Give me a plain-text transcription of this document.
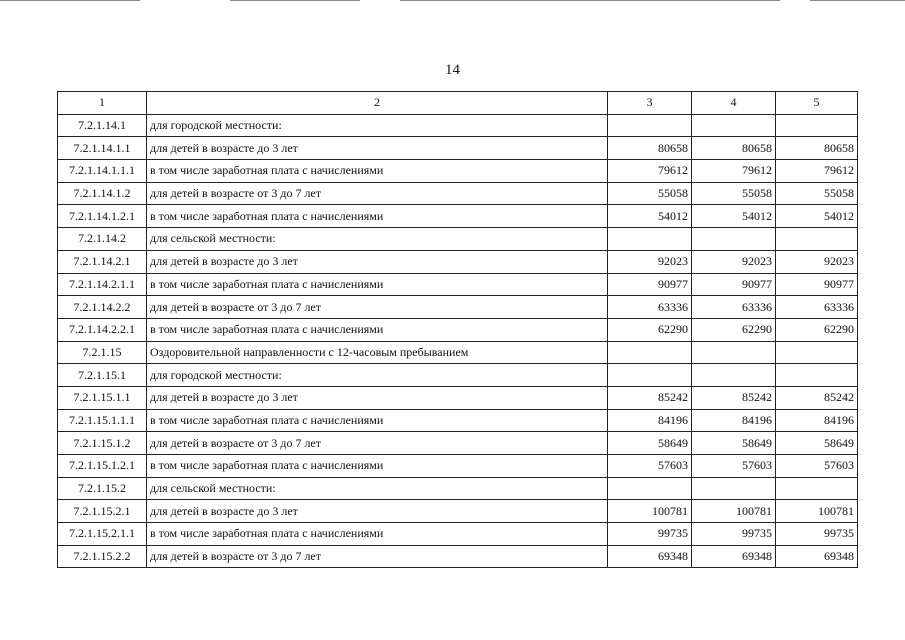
14
1	2	3	4	5
7.2.1.14.1	для городской местности:			
7.2.1.14.1.1	для детей в возрасте до 3 лет	80658	80658	80658
7.2.1.14.1.1.1	в том числе заработная плата с начислениями	79612	79612	79612
7.2.1.14.1.2	для детей в возрасте от 3 до 7 лет	55058	55058	55058
7.2.1.14.1.2.1	в том числе заработная плата с начислениями	54012	54012	54012
7.2.1.14.2	для сельской местности:			
7.2.1.14.2.1	для детей в возрасте до 3 лет	92023	92023	92023
7.2.1.14.2.1.1	в том числе заработная плата с начислениями	90977	90977	90977
7.2.1.14.2.2	для детей в возрасте от 3 до 7 лет	63336	63336	63336
7.2.1.14.2.2.1	в том числе заработная плата с начислениями	62290	62290	62290
7.2.1.15	Оздоровительной направленности с 12-часовым пребыванием			
7.2.1.15.1	для городской местности:			
7.2.1.15.1.1	для детей в возрасте до 3 лет	85242	85242	85242
7.2.1.15.1.1.1	в том числе заработная плата с начислениями	84196	84196	84196
7.2.1.15.1.2	для детей в возрасте от 3 до 7 лет	58649	58649	58649
7.2.1.15.1.2.1	в том числе заработная плата с начислениями	57603	57603	57603
7.2.1.15.2	для сельской местности:			
7.2.1.15.2.1	для детей в возрасте до 3 лет	100781	100781	100781
7.2.1.15.2.1.1	в том числе заработная плата с начислениями	99735	99735	99735
7.2.1.15.2.2	для детей в возрасте от 3 до 7 лет	69348	69348	69348
